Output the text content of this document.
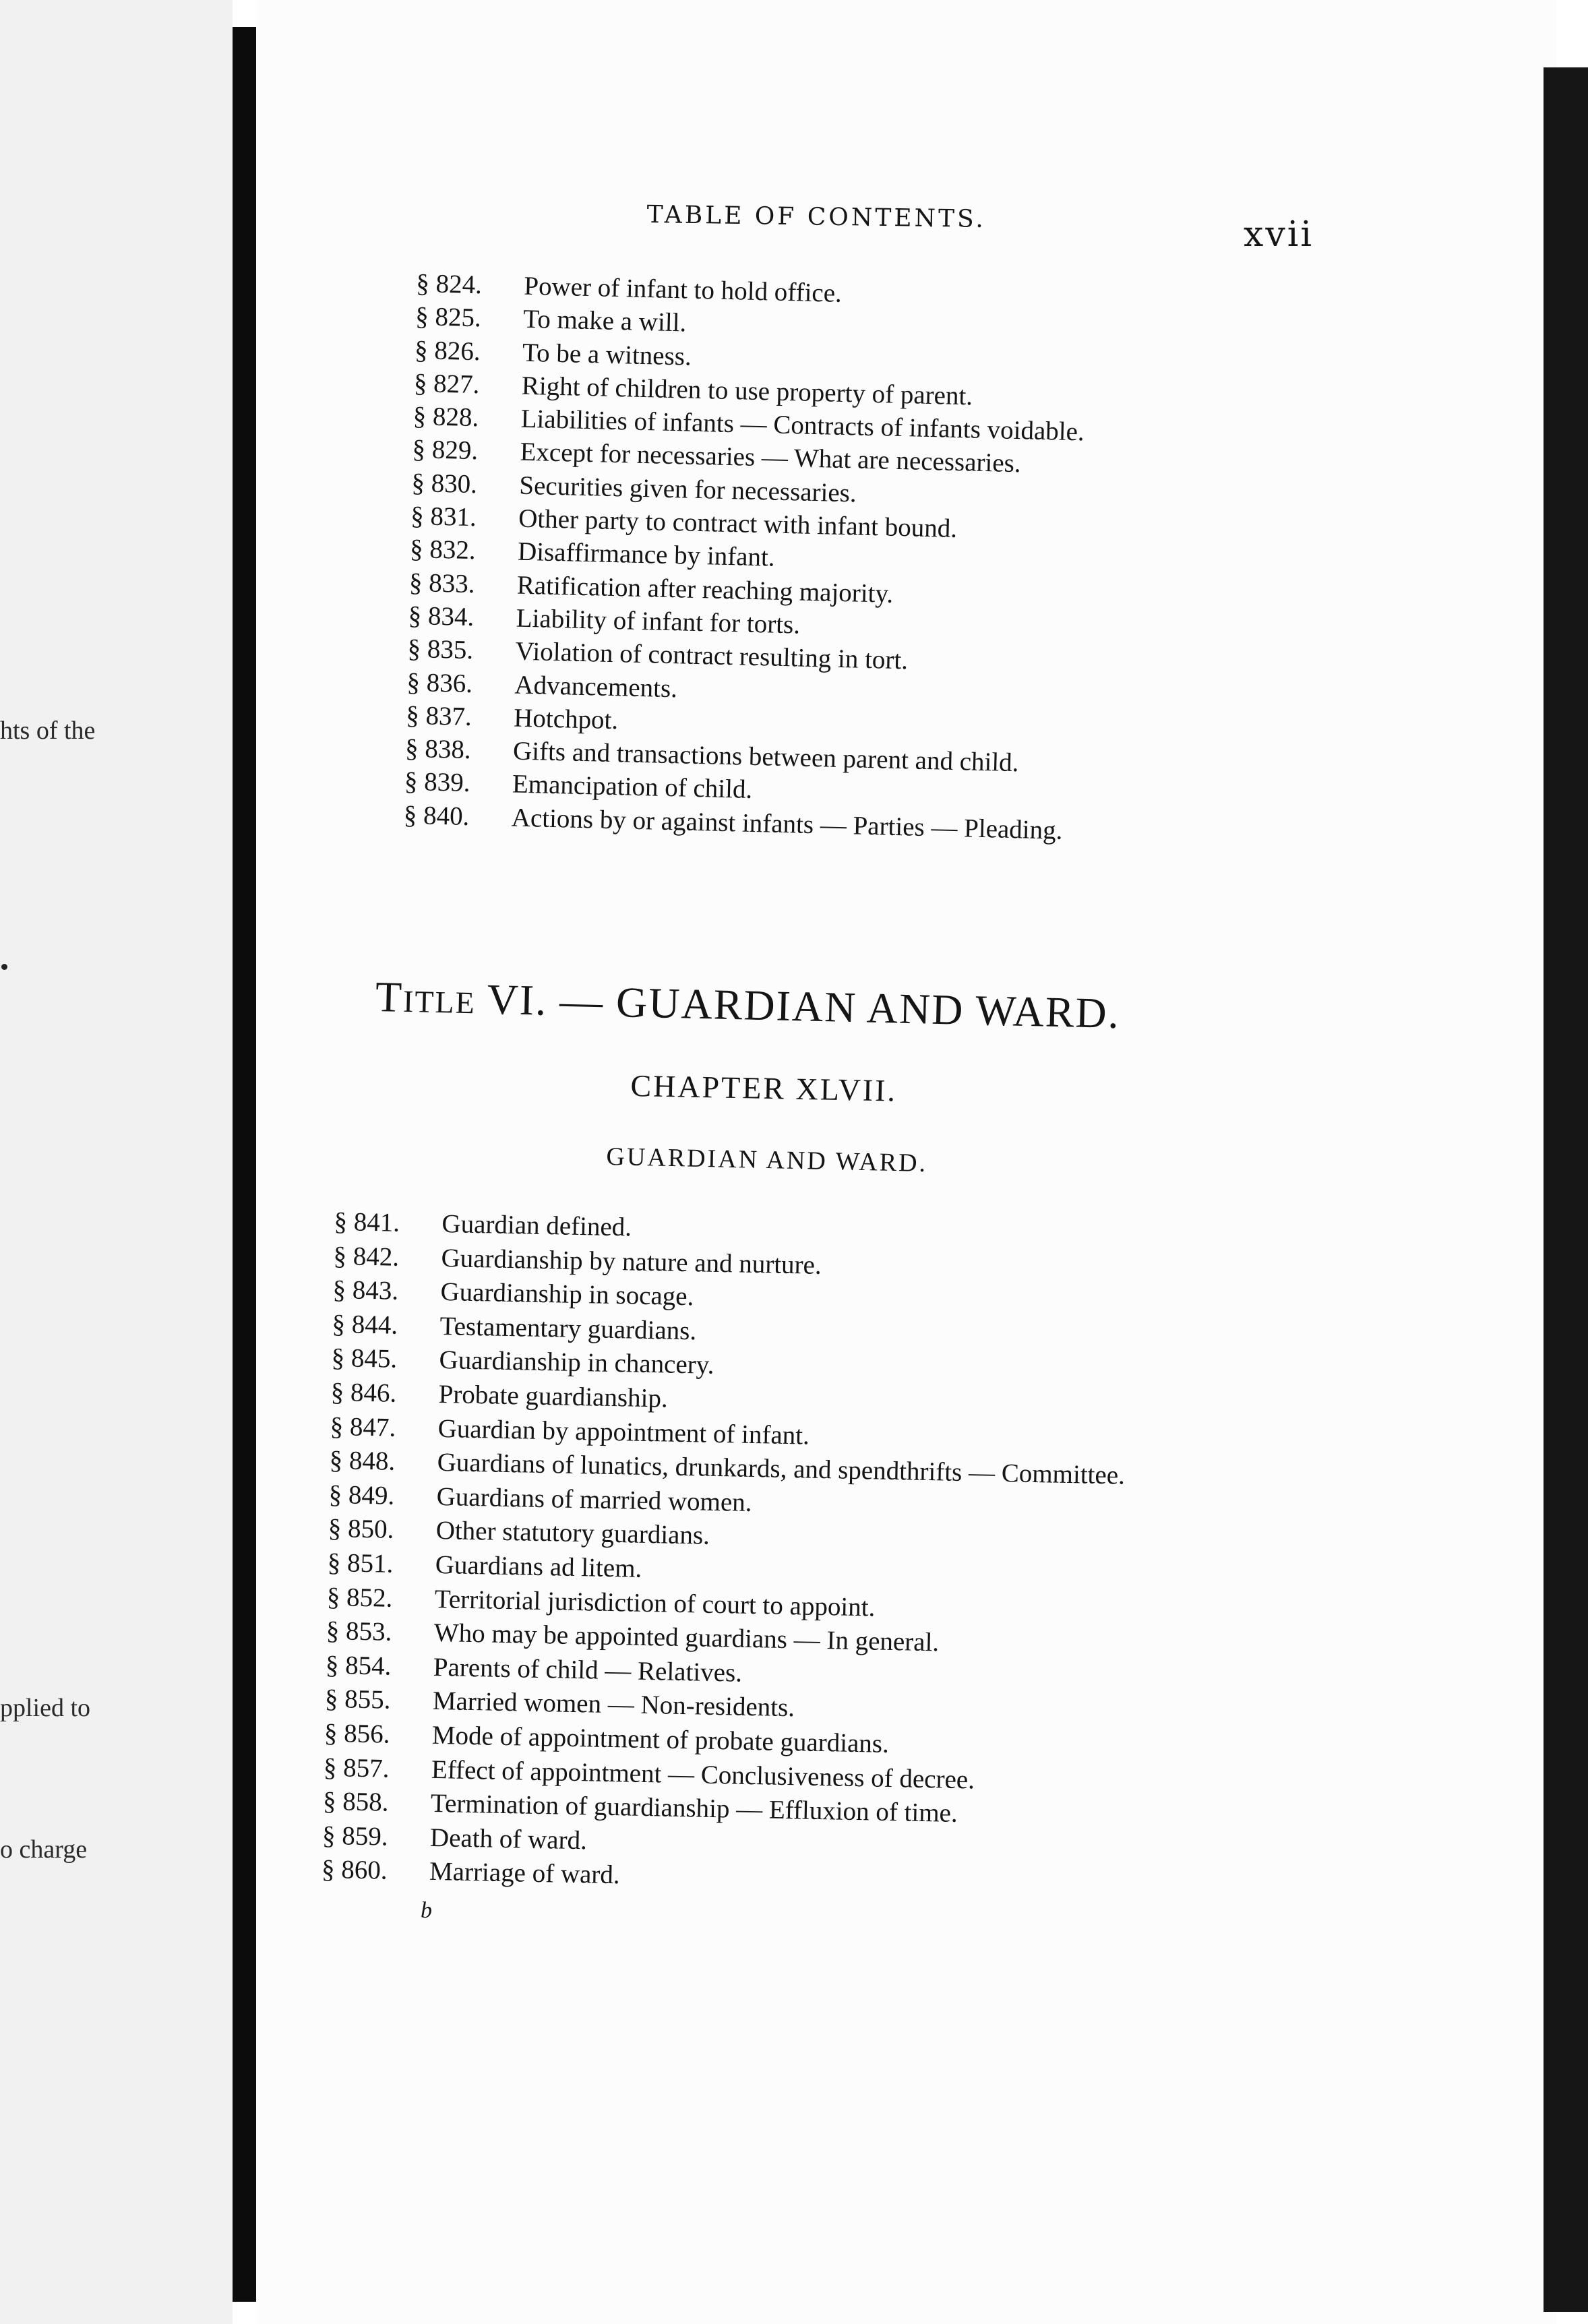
hts of the
pplied to
o charge
TABLE OF CONTENTS.	xvii
§ 824.	Power of infant to hold office.
§ 825.	To make a will.
§ 826.	To be a witness.
§ 827.	Right of children to use property of parent.
§ 828.	Liabilities of infants — Contracts of infants voidable.
§ 829.	Except for necessaries — What are necessaries.
§ 830.	Securities given for necessaries.
§ 831.	Other party to contract with infant bound.
§ 832.	Disaffirmance by infant.
§ 833.	Ratification after reaching majority.
§ 834.	Liability of infant for torts.
§ 835.	Violation of contract resulting in tort.
§ 836.	Advancements.
§ 837.	Hotchpot.
§ 838.	Gifts and transactions between parent and child.
§ 839.	Emancipation of child.
§ 840.	Actions by or against infants — Parties — Pleading.
TITLE VI. — GUARDIAN AND WARD.
CHAPTER XLVII.
GUARDIAN AND WARD.
§ 841.	Guardian defined.
§ 842.	Guardianship by nature and nurture.
§ 843.	Guardianship in socage.
§ 844.	Testamentary guardians.
§ 845.	Guardianship in chancery.
§ 846.	Probate guardianship.
§ 847.	Guardian by appointment of infant.
§ 848.	Guardians of lunatics, drunkards, and spendthrifts — Committee.
§ 849.	Guardians of married women.
§ 850.	Other statutory guardians.
§ 851.	Guardians ad litem.
§ 852.	Territorial jurisdiction of court to appoint.
§ 853.	Who may be appointed guardians — In general.
§ 854.	Parents of child — Relatives.
§ 855.	Married women — Non-residents.
§ 856.	Mode of appointment of probate guardians.
§ 857.	Effect of appointment — Conclusiveness of decree.
§ 858.	Termination of guardianship — Effluxion of time.
§ 859.	Death of ward.
§ 860.	Marriage of ward.
b
